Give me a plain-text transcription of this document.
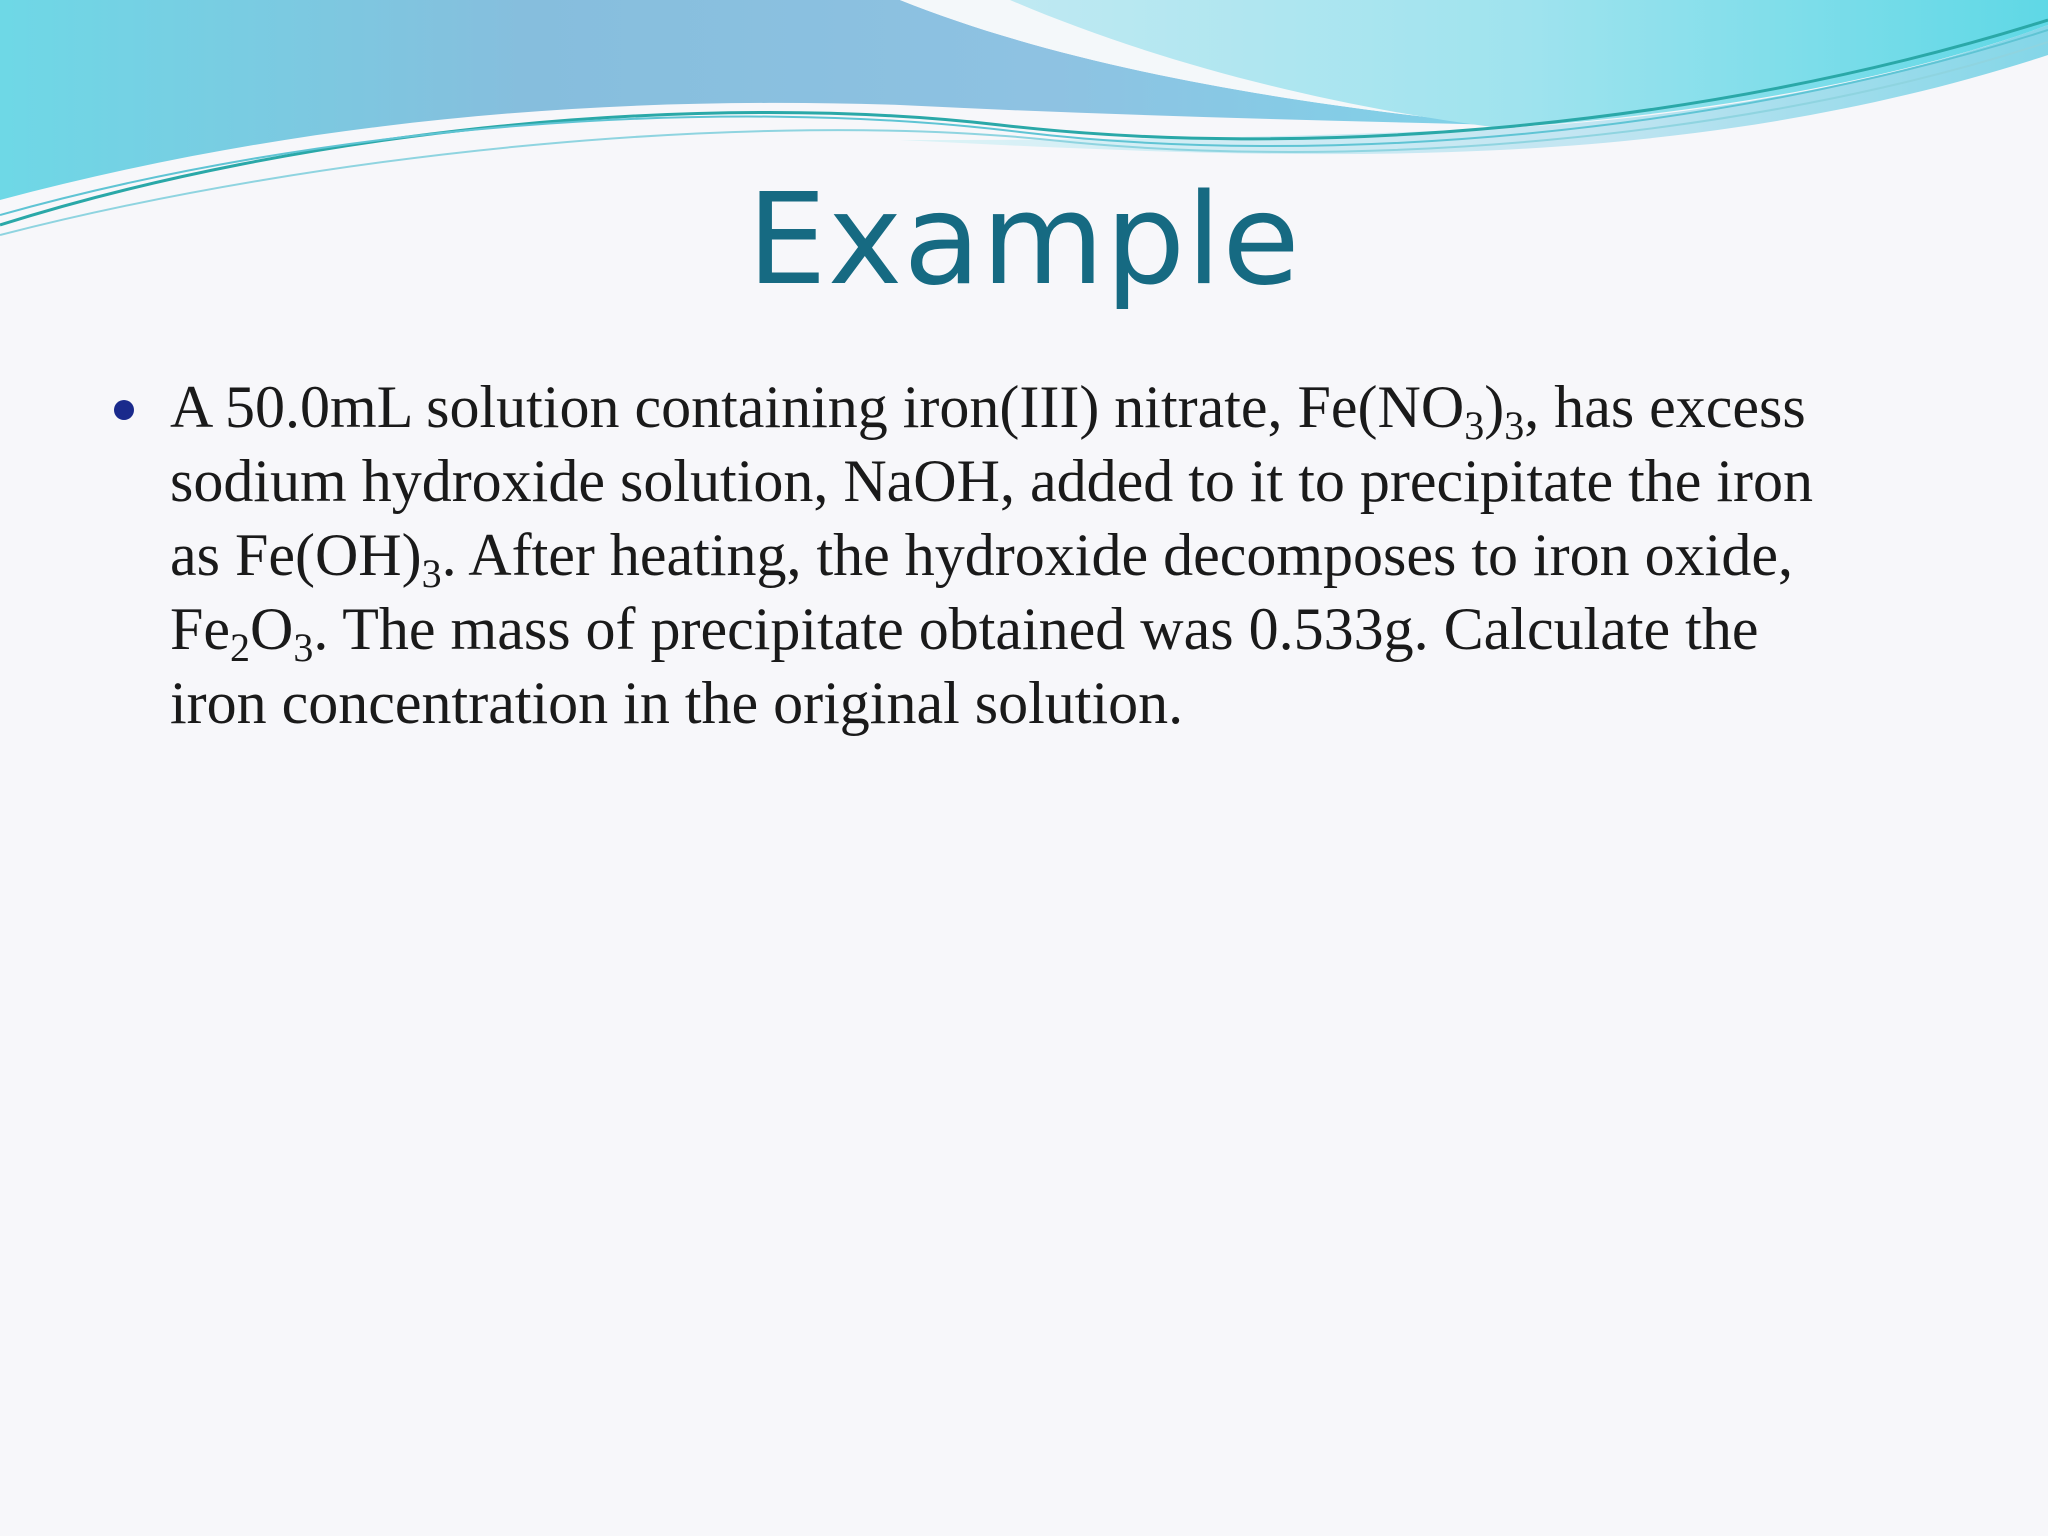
Example
A 50.0mL solution containing iron(III) nitrate, $Fe(NO_3)_3$, has excess
sodium hydroxide solution, NaOH, added to it to precipitate the iron
as $Fe(OH)_3$. After heating, the hydroxide decomposes to iron oxide,
$Fe_2O_3$. The mass of precipitate obtained was 0.533g. Calculate the
iron concentration in the original solution.
